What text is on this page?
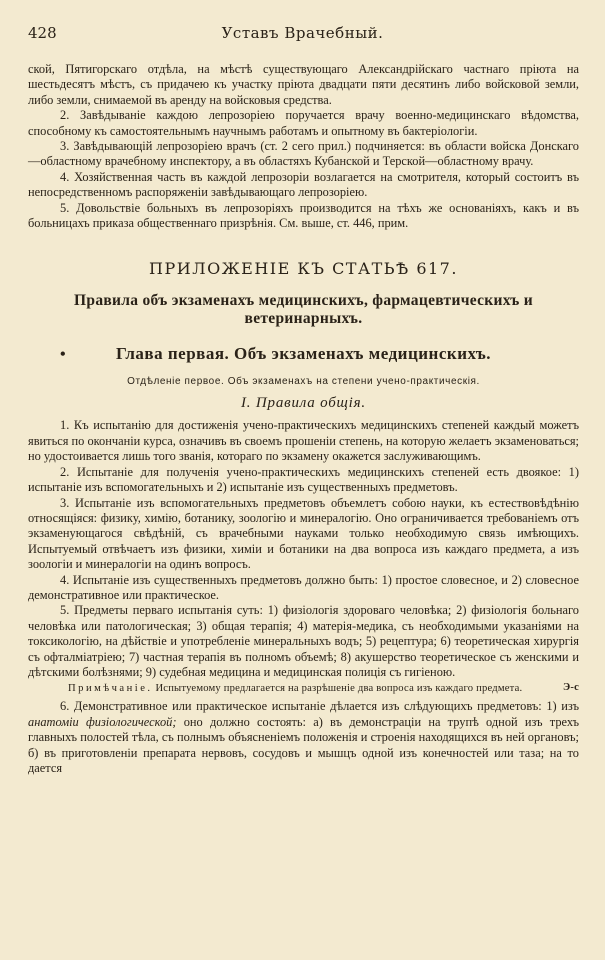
428	Уставъ Врачебный.

ской, Пятигорскаго отдѣла, на мѣстѣ существующаго Александрійскаго частнаго пріюта на шестьдесятъ мѣстъ, съ придачею къ участку пріюта двадцати пяти десятинъ либо войсковой земли, либо земли, снимаемой въ аренду на войсковыя средства.

2. Завѣдываніе каждою лепрозоріею поручается врачу военно-медицинскаго вѣдомства, способному къ самостоятельнымъ научнымъ работамъ и опытному въ бактеріологіи.

3. Завѣдывающій лепрозоріею врачъ (ст. 2 сего прил.) подчиняется: въ области войска Донскаго—областному врачебному инспектору, а въ областяхъ Кубанской и Терской—областному врачу.

4. Хозяйственная часть въ каждой лепрозоріи возлагается на смотрителя, который состоитъ въ непосредственномъ распоряженіи завѣдывающаго лепрозоріею.

5. Довольствіе больныхъ въ лепрозоріяхъ производится на тѣхъ же основаніяхъ, какъ и въ больницахъ приказа общественнаго призрѣнія. См. выше, ст. 446, прим.

ПРИЛОЖЕНІЕ КЪ СТАТЬѢ 617.
Правила объ экзаменахъ медицинскихъ, фармацевтическихъ и ветеринарныхъ.
•	Глава первая. Объ экзаменахъ медицинскихъ.
Отдѣленіе первое. Объ экзаменахъ на степени учено-практическія.
I. Правила общія.

1. Къ испытанію для достиженія учено-практическихъ медицинскихъ степеней каждый можетъ явиться по окончаніи курса, означивъ въ своемъ прошеніи степень, на которую желаетъ экзаменоваться; но удостоивается лишь того званія, котораго по экзамену окажется заслуживающимъ.

2. Испытаніе для полученія учено-практическихъ медицинскихъ степеней есть двоякое: 1) испытаніе изъ вспомогательныхъ и 2) испытаніе изъ существенныхъ предметовъ.

3. Испытаніе изъ вспомогательныхъ предметовъ объемлетъ собою науки, къ естествовѣдѣнію относящіяся: физику, химію, ботанику, зоологію и минералогію. Оно ограничивается требованіемъ отъ экзаменующагося свѣдѣній, съ врачебными науками только необходимую связь имѣющихъ. Испытуемый отвѣчаетъ изъ физики, химіи и ботаники на два вопроса изъ каждаго предмета, а изъ зоологіи и минералогіи на одинъ вопросъ.

4. Испытаніе изъ существенныхъ предметовъ должно быть: 1) простое словесное, и 2) словесное демонстративное или практическое.

5. Предметы перваго испытанія суть: 1) физіологія здороваго человѣка; 2) физіологія больнаго человѣка или патологическая; 3) общая терапія; 4) матерія-медика, съ необходимыми указаніями на токсикологію, на дѣйствіе и употребленіе минеральныхъ водъ; 5) рецептура; 6) теоретическая хирургія съ офталміатріею; 7) частная терапія въ полномъ объемѣ; 8) акушерство теоретическое съ женскими и дѣтскими болѣзнями; 9) судебная медицина и медицинская полиція съ гигіеною.

Примѣчаніе. Испытуемому предлагается на разрѣшеніе два вопроса изъ каждаго предмета.	Э-с

6. Демонстративное или практическое испытаніе дѣлается изъ слѣдующихъ предметовъ: 1) изъ анатоміи физіологической; оно должно состоять: а) въ демонстраціи на трупѣ одной изъ трехъ главныхъ полостей тѣла, съ полнымъ объясненіемъ положенія и строенія находящихся въ ней органовъ; б) въ приготовленіи препарата нервовъ, сосудовъ и мышцъ одной изъ конечностей или таза; на то дается
